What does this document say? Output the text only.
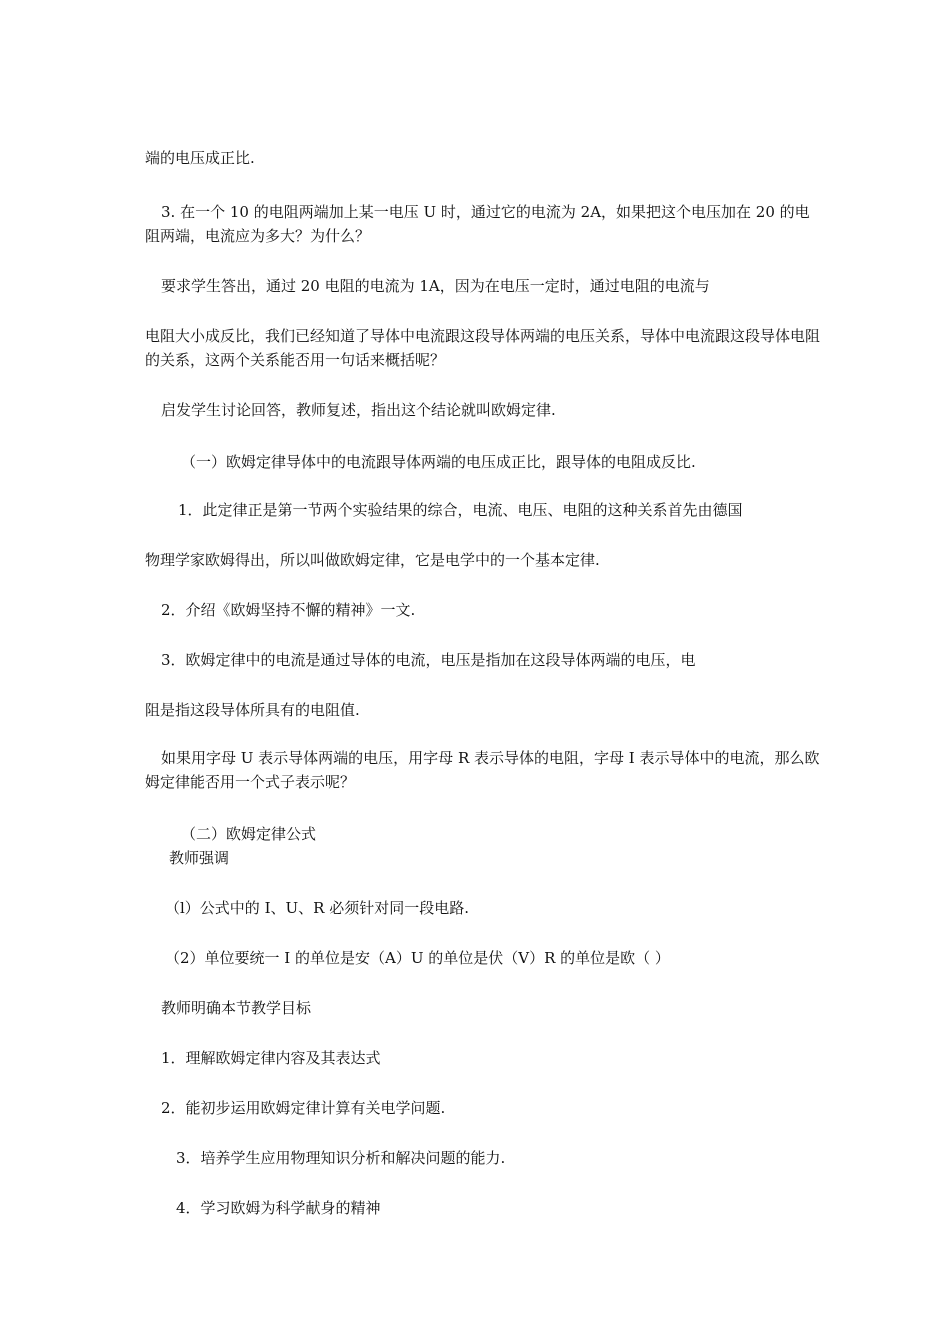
端的电压成正比.
3. 在一个 10 的电阻两端加上某一电压 U 时，通过它的电流为 2A，如果把这个电压加在 20 的电阻两端，电流应为多大？为什么？
要求学生答出，通过 20 电阻的电流为 1A，因为在电压一定时，通过电阻的电流与
电阻大小成反比，我们已经知道了导体中电流跟这段导体两端的电压关系，导体中电流跟这段导体电阻的关系，这两个关系能否用一句话来概括呢？
启发学生讨论回答，教师复述，指出这个结论就叫欧姆定律.
（一）欧姆定律导体中的电流跟导体两端的电压成正比，跟导体的电阻成反比.
1．此定律正是第一节两个实验结果的综合，电流、电压、电阻的这种关系首先由德国
物理学家欧姆得出，所以叫做欧姆定律，它是电学中的一个基本定律.
2．介绍《欧姆坚持不懈的精神》一文.
3．欧姆定律中的电流是通过导体的电流，电压是指加在这段导体两端的电压，电
阻是指这段导体所具有的电阻值.
如果用字母 U 表示导体两端的电压，用字母 R 表示导体的电阻，字母 I 表示导体中的电流，那么欧姆定律能否用一个式子表示呢？
（二）欧姆定律公式
教师强调
（l）公式中的 I、U、R 必须针对同一段电路.
（2）单位要统一 I 的单位是安（A）U 的单位是伏（V）R 的单位是欧（ ）
教师明确本节教学目标
1．理解欧姆定律内容及其表达式
2．能初步运用欧姆定律计算有关电学问题.
3．培养学生应用物理知识分析和解决问题的能力.
4．学习欧姆为科学献身的精神
